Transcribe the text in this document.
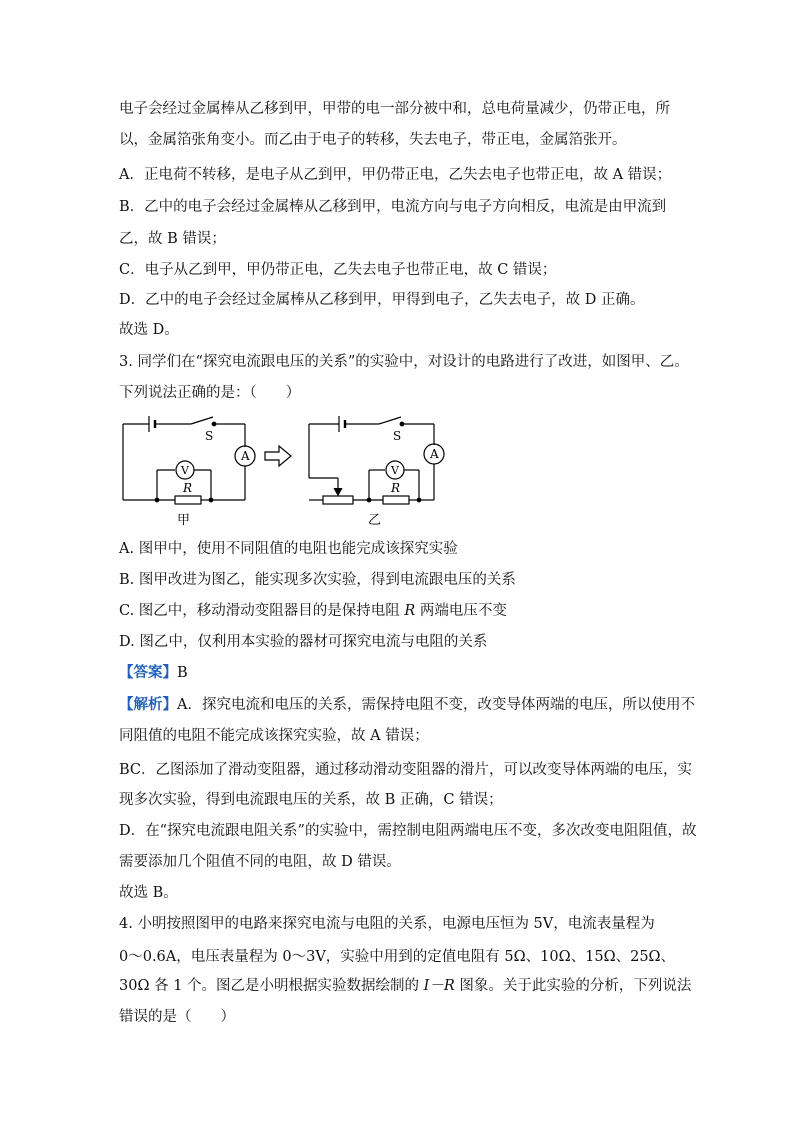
电子会经过金属棒从乙移到甲，甲带的电一部分被中和，总电荷量减少，仍带正电，所
以，金属箔张角变小。而乙由于电子的转移，失去电子，带正电，金属箔张开。
A．正电荷不转移，是电子从乙到甲，甲仍带正电，乙失去电子也带正电，故 A 错误；
B．乙中的电子会经过金属棒从乙移到甲，电流方向与电子方向相反，电流是由甲流到
乙，故 B 错误；
C．电子从乙到甲，甲仍带正电，乙失去电子也带正电，故 C 错误；
D．乙中的电子会经过金属棒从乙移到甲，甲得到电子，乙失去电子，故 D 正确。
故选 D。
3. 同学们在“探究电流跟电压的关系”的实验中，对设计的电路进行了改进，如图甲、乙。
下列说法正确的是：（　　）
S
A
V
R
甲
S
A
V
R
乙
A. 图甲中，使用不同阻值的电阻也能完成该探究实验
B. 图甲改进为图乙，能实现多次实验，得到电流跟电压的关系
C. 图乙中，移动滑动变阻器目的是保持电阻 R 两端电压不变
D. 图乙中，仅利用本实验的器材可探究电流与电阻的关系
【答案】B
【解析】A．探究电流和电压的关系，需保持电阻不变，改变导体两端的电压，所以使用不
同阻值的电阻不能完成该探究实验，故 A 错误；
BC．乙图添加了滑动变阻器，通过移动滑动变阻器的滑片，可以改变导体两端的电压，实
现多次实验，得到电流跟电压的关系，故 B 正确，C 错误；
D．在“探究电流跟电阻关系”的实验中，需控制电阻两端电压不变，多次改变电阻阻值，故
需要添加几个阻值不同的电阻，故 D 错误。
故选 B。
4. 小明按照图甲的电路来探究电流与电阻的关系，电源电压恒为 5V，电流表量程为
0～0.6A，电压表量程为 0～3V，实验中用到的定值电阻有 5Ω、10Ω、15Ω、25Ω、
30Ω 各 1 个。图乙是小明根据实验数据绘制的 I－R 图象。关于此实验的分析，下列说法
错误的是（　　）
